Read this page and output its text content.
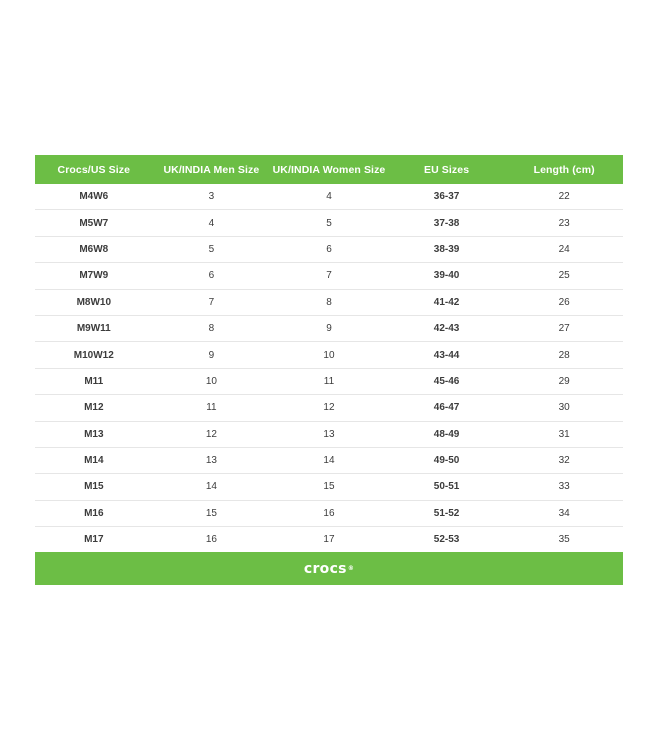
Crocs/US Size	UK/INDIA Men Size	UK/INDIA Women Size	EU Sizes	Length (cm)
M4W6	3	4	36-37	22
M5W7	4	5	37-38	23
M6W8	5	6	38-39	24
M7W9	6	7	39-40	25
M8W10	7	8	41-42	26
M9W11	8	9	42-43	27
M10W12	9	10	43-44	28
M11	10	11	45-46	29
M12	11	12	46-47	30
M13	12	13	48-49	31
M14	13	14	49-50	32
M15	14	15	50-51	33
M16	15	16	51-52	34
M17	16	17	52-53	35
crocs ®
